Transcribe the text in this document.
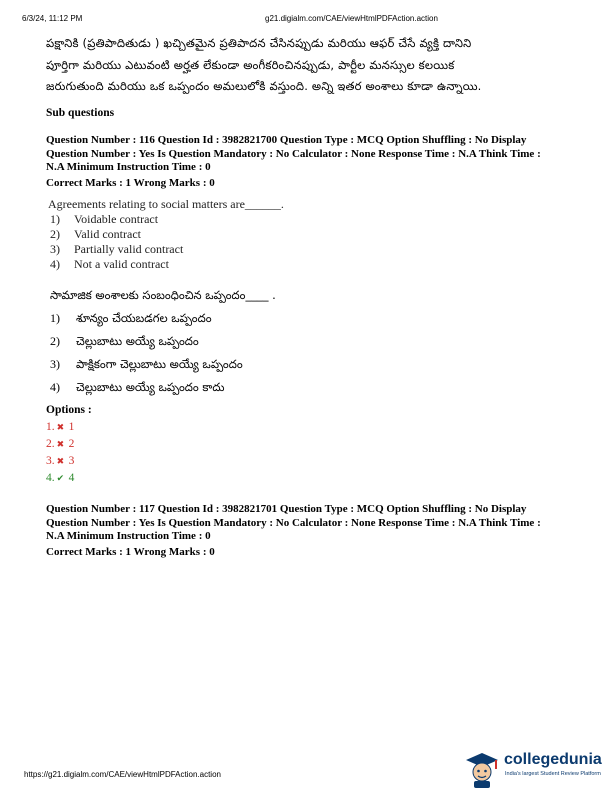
6/3/24, 11:12 PM	g21.digialm.com/CAE/viewHtmlPDFAction.action
పక్షానికి (ప్రతిపాదితుడు ) ఖచ్చితమైన ప్రతిపాదన చేసినప్పుడు మరియు ఆఫర్ చేసే వ్యక్తి దానిని
పూర్తిగా మరియు ఎటువంటి అర్హత లేకుండా అంగీకరించినప్పుడు, పార్టీల మనస్సుల కలయిక
జరుగుతుంది మరియు ఒక ఒప్పందం అమలులోకి వస్తుంది. అన్ని ఇతర అంశాలు కూడా ఉన్నాయి.
Sub questions
Question Number : 116 Question Id : 3982821700 Question Type : MCQ Option Shuffling : No Display
Question Number : Yes Is Question Mandatory : No Calculator : None Response Time : N.A Think Time :
N.A Minimum Instruction Time : 0
Correct Marks : 1 Wrong Marks : 0
Agreements relating to social matters are______.
1) Voidable contract
2) Valid contract
3) Partially valid contract
4) Not a valid contract
సామాజిక అంశాలకు సంబంధించిన ఒప్పందం____ .
1) శూన్యం చేయబడగల ఒప్పందం
2) చెల్లుబాటు అయ్యే ఒప్పందం
3) పాక్షికంగా చెల్లుబాటు అయ్యే ఒప్పందం
4) చెల్లుబాటు అయ్యే ఒప్పందం కాదు
Options :
1. ✖ 1
2. ✖ 2
3. ✖ 3
4. ✔ 4
Question Number : 117 Question Id : 3982821701 Question Type : MCQ Option Shuffling : No Display
Question Number : Yes Is Question Mandatory : No Calculator : None Response Time : N.A Think Time :
N.A Minimum Instruction Time : 0
Correct Marks : 1 Wrong Marks : 0
https://g21.digialm.com/CAE/viewHtmlPDFAction.action
collegedunia
India's largest Student Review Platform
